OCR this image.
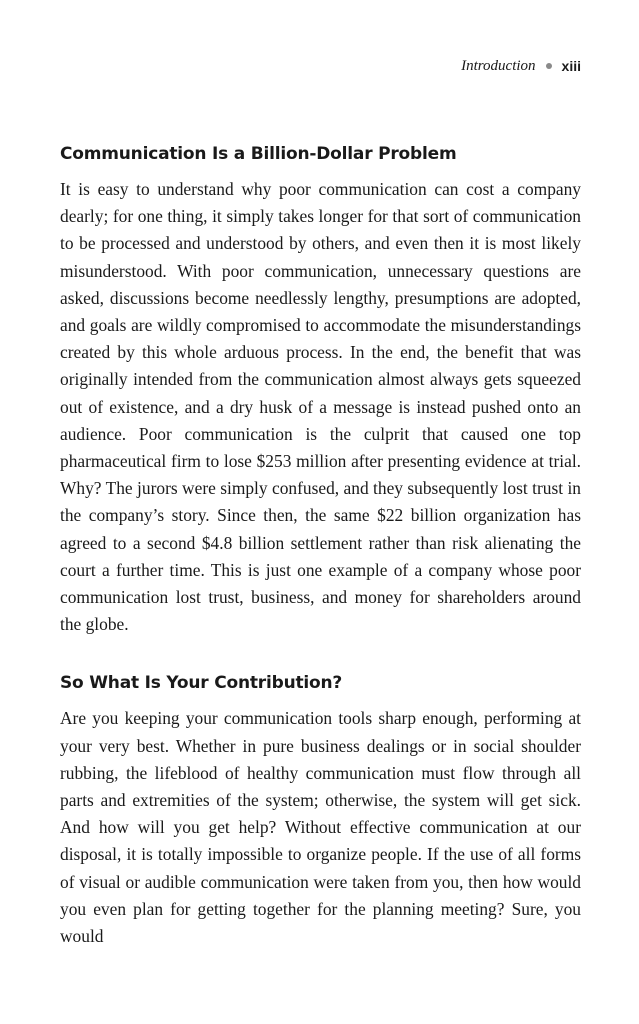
Introduction xiii
Communication Is a Billion-Dollar Problem

It is easy to understand why poor communication can cost a company dearly; for one thing, it simply takes longer for that sort of communication to be processed and understood by others, and even then it is most likely misunderstood. With poor communication, unnecessary questions are asked, discussions become needlessly lengthy, presumptions are adopted, and goals are wildly compromised to accommodate the misunderstandings created by this whole arduous process. In the end, the benefit that was originally intended from the communication almost always gets squeezed out of existence, and a dry husk of a message is instead pushed onto an audience. Poor communication is the culprit that caused one top pharmaceutical firm to lose $253 million after presenting evidence at trial. Why? The jurors were simply confused, and they subsequently lost trust in the company’s story. Since then, the same $22 billion organization has agreed to a second $4.8 billion settlement rather than risk alienating the court a further time. This is just one example of a company whose poor communication lost trust, business, and money for shareholders around the globe.

So What Is Your Contribution?

Are you keeping your communication tools sharp enough, performing at your very best. Whether in pure business dealings or in social shoulder rubbing, the lifeblood of healthy communication must flow through all parts and extremities of the system; otherwise, the system will get sick. And how will you get help? Without effective communication at our disposal, it is totally impossible to organize people. If the use of all forms of visual or audible communication were taken from you, then how would you even plan for getting together for the planning meeting? Sure, you would
